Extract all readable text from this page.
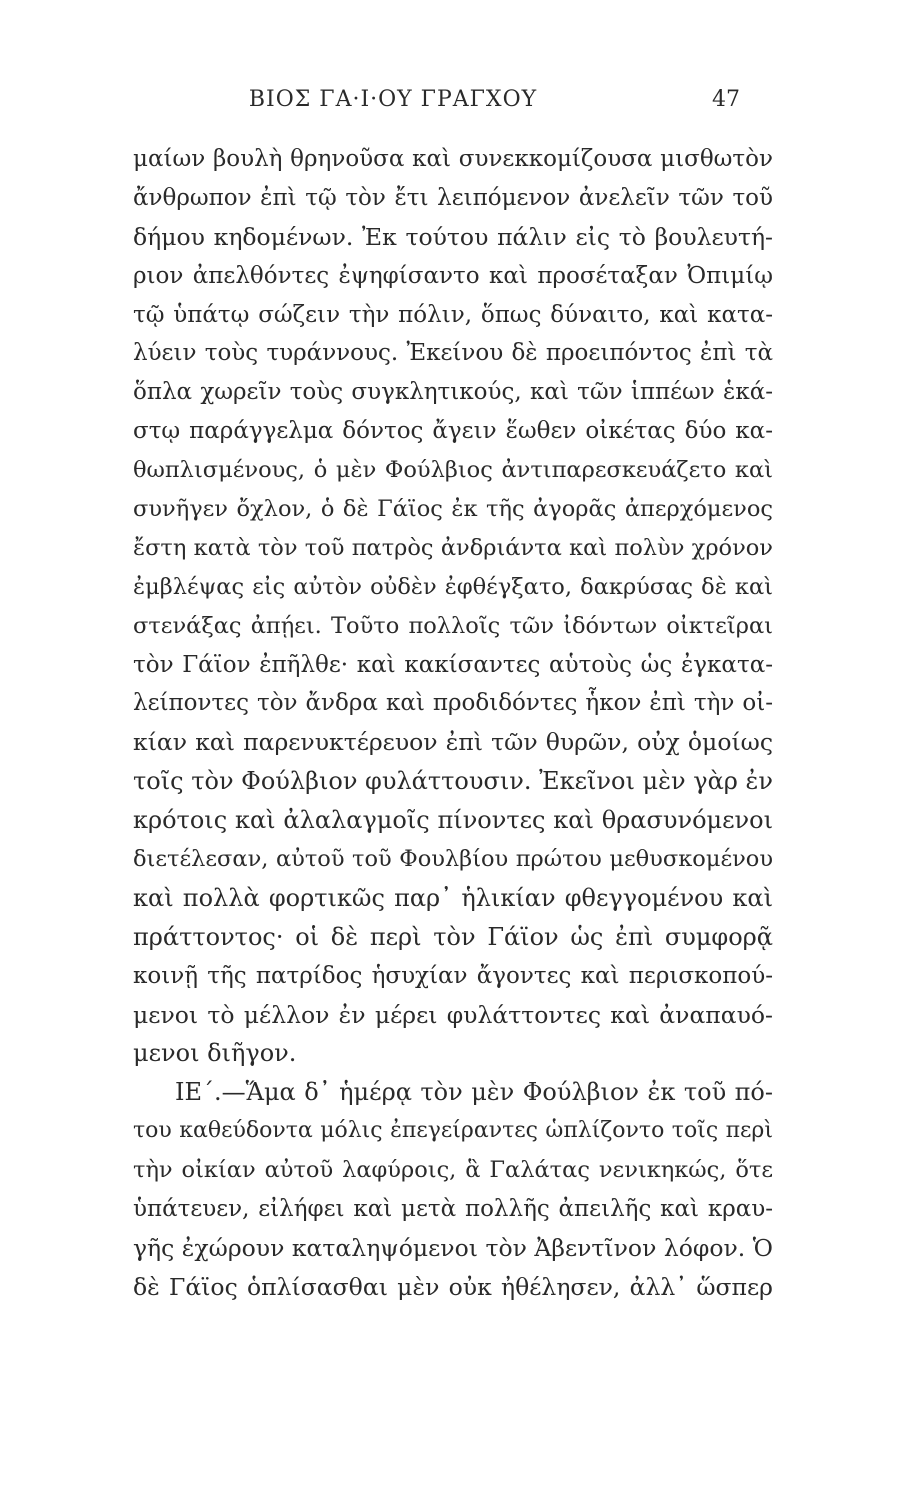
ΒΙΟΣ ΓΑ·Ι·ΟΥ ΓΡΑΓΧΟΥ	47
μαίων βουλὴ θρηνοῦσα καὶ συνεκκομίζουσα μισθωτὸν
ἄνθρωπον ἐπὶ τῷ τὸν ἔτι λειπόμενον ἀνελεῖν τῶν τοῦ
δήμου κηδομένων. Ἐκ τούτου πάλιν εἰς τὸ βουλευτή-
ριον ἀπελθόντες ἐψηφίσαντο καὶ προσέταξαν Ὀπιμίῳ
τῷ ὑπάτῳ σώζειν τὴν πόλιν, ὅπως δύναιτο, καὶ κατα-
λύειν τοὺς τυράννους. Ἐκείνου δὲ προειπόντος ἐπὶ τὰ
ὅπλα χωρεῖν τοὺς συγκλητικούς, καὶ τῶν ἱππέων ἑκά-
στῳ παράγγελμα δόντος ἄγειν ἕωθεν οἰκέτας δύο κα-
θωπλισμένους, ὁ μὲν Φούλβιος ἀντιπαρεσκευάζετο καὶ
συνῆγεν ὄχλον, ὁ δὲ Γάϊος ἐκ τῆς ἀγορᾶς ἀπερχόμενος
ἔστη κατὰ τὸν τοῦ πατρὸς ἀνδριάντα καὶ πολὺν χρόνον
ἐμβλέψας εἰς αὐτὸν οὐδὲν ἐφθέγξατο, δακρύσας δὲ καὶ
στενάξας ἀπῄει. Τοῦτο πολλοῖς τῶν ἰδόντων οἰκτεῖραι
τὸν Γάϊον ἐπῆλθε· καὶ κακίσαντες αὑτοὺς ὡς ἐγκατα-
λείποντες τὸν ἄνδρα καὶ προδιδόντες ἧκον ἐπὶ τὴν οἰ-
κίαν καὶ παρενυκτέρευον ἐπὶ τῶν θυρῶν, οὐχ ὁμοίως
τοῖς τὸν Φούλβιον φυλάττουσιν. Ἐκεῖνοι μὲν γὰρ ἐν
κρότοις καὶ ἀλαλαγμοῖς πίνοντες καὶ θρασυνόμενοι
διετέλεσαν, αὐτοῦ τοῦ Φουλβίου πρώτου μεθυσκομένου
καὶ πολλὰ φορτικῶς παρ᾽ ἡλικίαν φθεγγομένου καὶ
πράττοντος· οἱ δὲ περὶ τὸν Γάϊον ὡς ἐπὶ συμφορᾷ
κοινῇ τῆς πατρίδος ἡσυχίαν ἄγοντες καὶ περισκοπού-
μενοι τὸ μέλλον ἐν μέρει φυλάττοντες καὶ ἀναπαυό-
μενοι διῆγον.
ΙΕ΄.—Ἅμα δ᾽ ἡμέρᾳ τὸν μὲν Φούλβιον ἐκ τοῦ πό-
του καθεύδοντα μόλις ἐπεγείραντες ὡπλίζοντο τοῖς περὶ
τὴν οἰκίαν αὐτοῦ λαφύροις, ἃ Γαλάτας νενικηκώς, ὅτε
ὑπάτευεν, εἰλήφει καὶ μετὰ πολλῆς ἀπειλῆς καὶ κραυ-
γῆς ἐχώρουν καταληψόμενοι τὸν Ἀβεντῖνον λόφον. Ὁ
δὲ Γάϊος ὁπλίσασθαι μὲν οὐκ ἠθέλησεν, ἀλλ᾽ ὥσπερ
